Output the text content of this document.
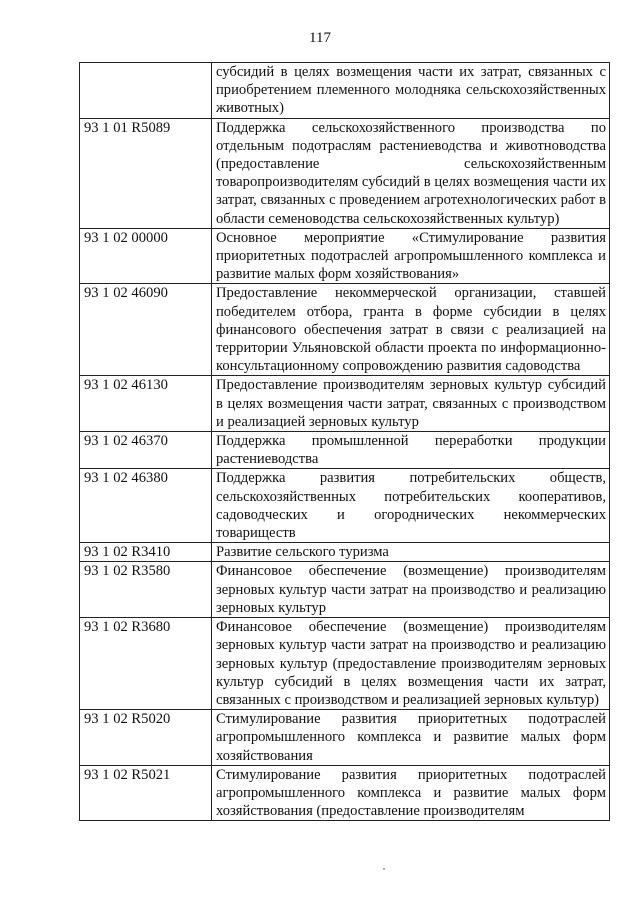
117
	субсидий в целях возмещения части их затрат, связанных с приобретением племенного молодняка сельскохозяйственных животных)
93 1 01 R5089	Поддержка сельскохозяйственного производства по отдельным подотраслям растениеводства и животноводства (предоставление сельскохозяйственным товаропроизводителям субсидий в целях возмещения части их затрат, связанных с проведением агротехнологических работ в области семеноводства сельскохозяйственных культур)
93 1 02 00000	Основное мероприятие «Стимулирование развития приоритетных подотраслей агропромышленного комплекса и развитие малых форм хозяйствования»
93 1 02 46090	Предоставление некоммерческой организации, ставшей победителем отбора, гранта в форме субсидии в целях финансового обеспечения затрат в связи с реализацией на территории Ульяновской области проекта по информационно-консультационному сопровождению развития садоводства
93 1 02 46130	Предоставление производителям зерновых культур субсидий в целях возмещения части затрат, связанных с производством и реализацией зерновых культур
93 1 02 46370	Поддержка промышленной переработки продукции растениеводства
93 1 02 46380	Поддержка развития потребительских обществ, сельскохозяйственных потребительских кооперативов, садоводческих и огороднических некоммерческих товариществ
93 1 02 R3410	Развитие сельского туризма
93 1 02 R3580	Финансовое обеспечение (возмещение) производителям зерновых культур части затрат на производство и реализацию зерновых культур
93 1 02 R3680	Финансовое обеспечение (возмещение) производителям зерновых культур части затрат на производство и реализацию зерновых культур (предоставление производителям зерновых культур субсидий в целях возмещения части их затрат, связанных с производством и реализацией зерновых культур)
93 1 02 R5020	Стимулирование развития приоритетных подотраслей агропромышленного комплекса и развитие малых форм хозяйствования
93 1 02 R5021	Стимулирование развития приоритетных подотраслей агропромышленного комплекса и развитие малых форм хозяйствования (предоставление производителям
